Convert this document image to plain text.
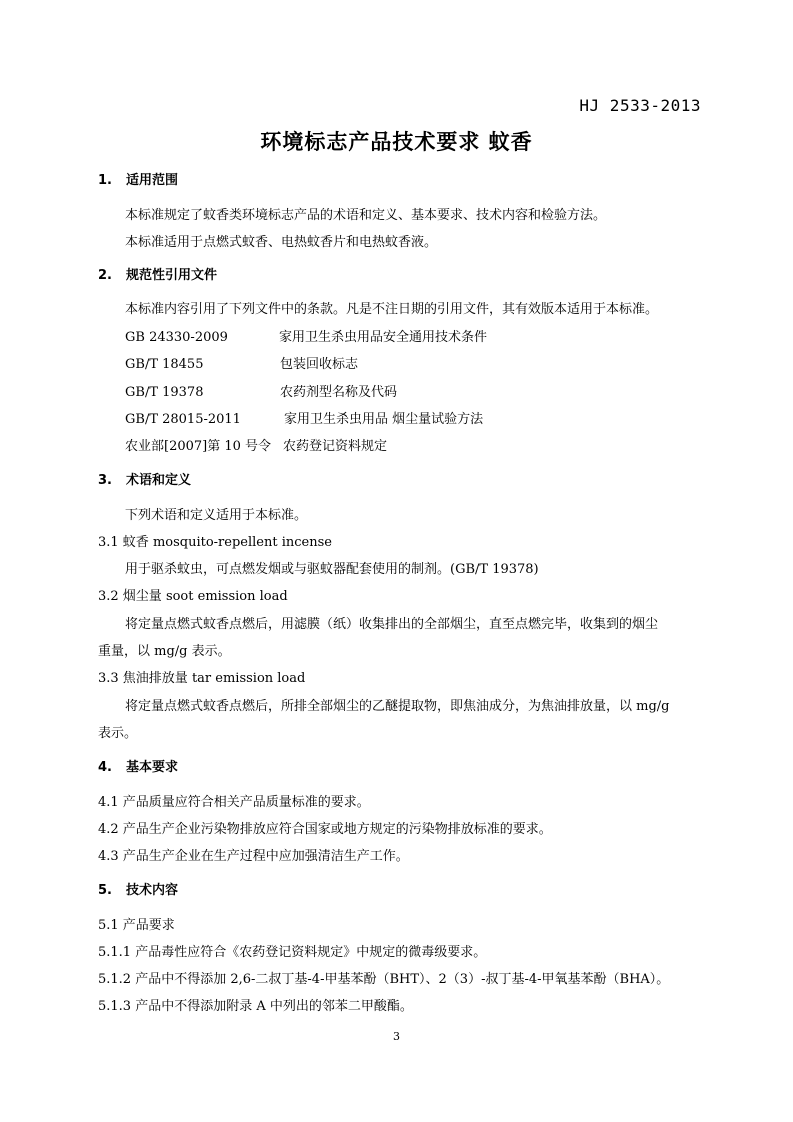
HJ 2533-2013
环境标志产品技术要求 蚊香
1. 适用范围
本标准规定了蚊香类环境标志产品的术语和定义、基本要求、技术内容和检验方法。
本标准适用于点燃式蚊香、电热蚊香片和电热蚊香液。
2. 规范性引用文件
本标准内容引用了下列文件中的条款。凡是不注日期的引用文件，其有效版本适用于本标准。
GB 24330-2009	家用卫生杀虫用品安全通用技术条件
GB/T 18455	包装回收标志
GB/T 19378	农药剂型名称及代码
GB/T 28015-2011	家用卫生杀虫用品 烟尘量试验方法
农业部[2007]第 10 号令 农药登记资料规定
3. 术语和定义
下列术语和定义适用于本标准。
3.1 蚊香 mosquito-repellent incense
用于驱杀蚊虫，可点燃发烟或与驱蚊器配套使用的制剂。(GB/T 19378)
3.2 烟尘量 soot emission load
将定量点燃式蚊香点燃后，用滤膜（纸）收集排出的全部烟尘，直至点燃完毕，收集到的烟尘
重量，以 mg/g 表示。
3.3 焦油排放量 tar emission load
将定量点燃式蚊香点燃后，所排全部烟尘的乙醚提取物，即焦油成分，为焦油排放量，以 mg/g
表示。
4. 基本要求
4.1 产品质量应符合相关产品质量标准的要求。
4.2 产品生产企业污染物排放应符合国家或地方规定的污染物排放标准的要求。
4.3 产品生产企业在生产过程中应加强清洁生产工作。
5. 技术内容
5.1 产品要求
5.1.1 产品毒性应符合《农药登记资料规定》中规定的微毒级要求。
5.1.2 产品中不得添加 2,6-二叔丁基-4-甲基苯酚（BHT）、2（3）-叔丁基-4-甲氧基苯酚（BHA）。
5.1.3 产品中不得添加附录 A 中列出的邻苯二甲酸酯。
3
